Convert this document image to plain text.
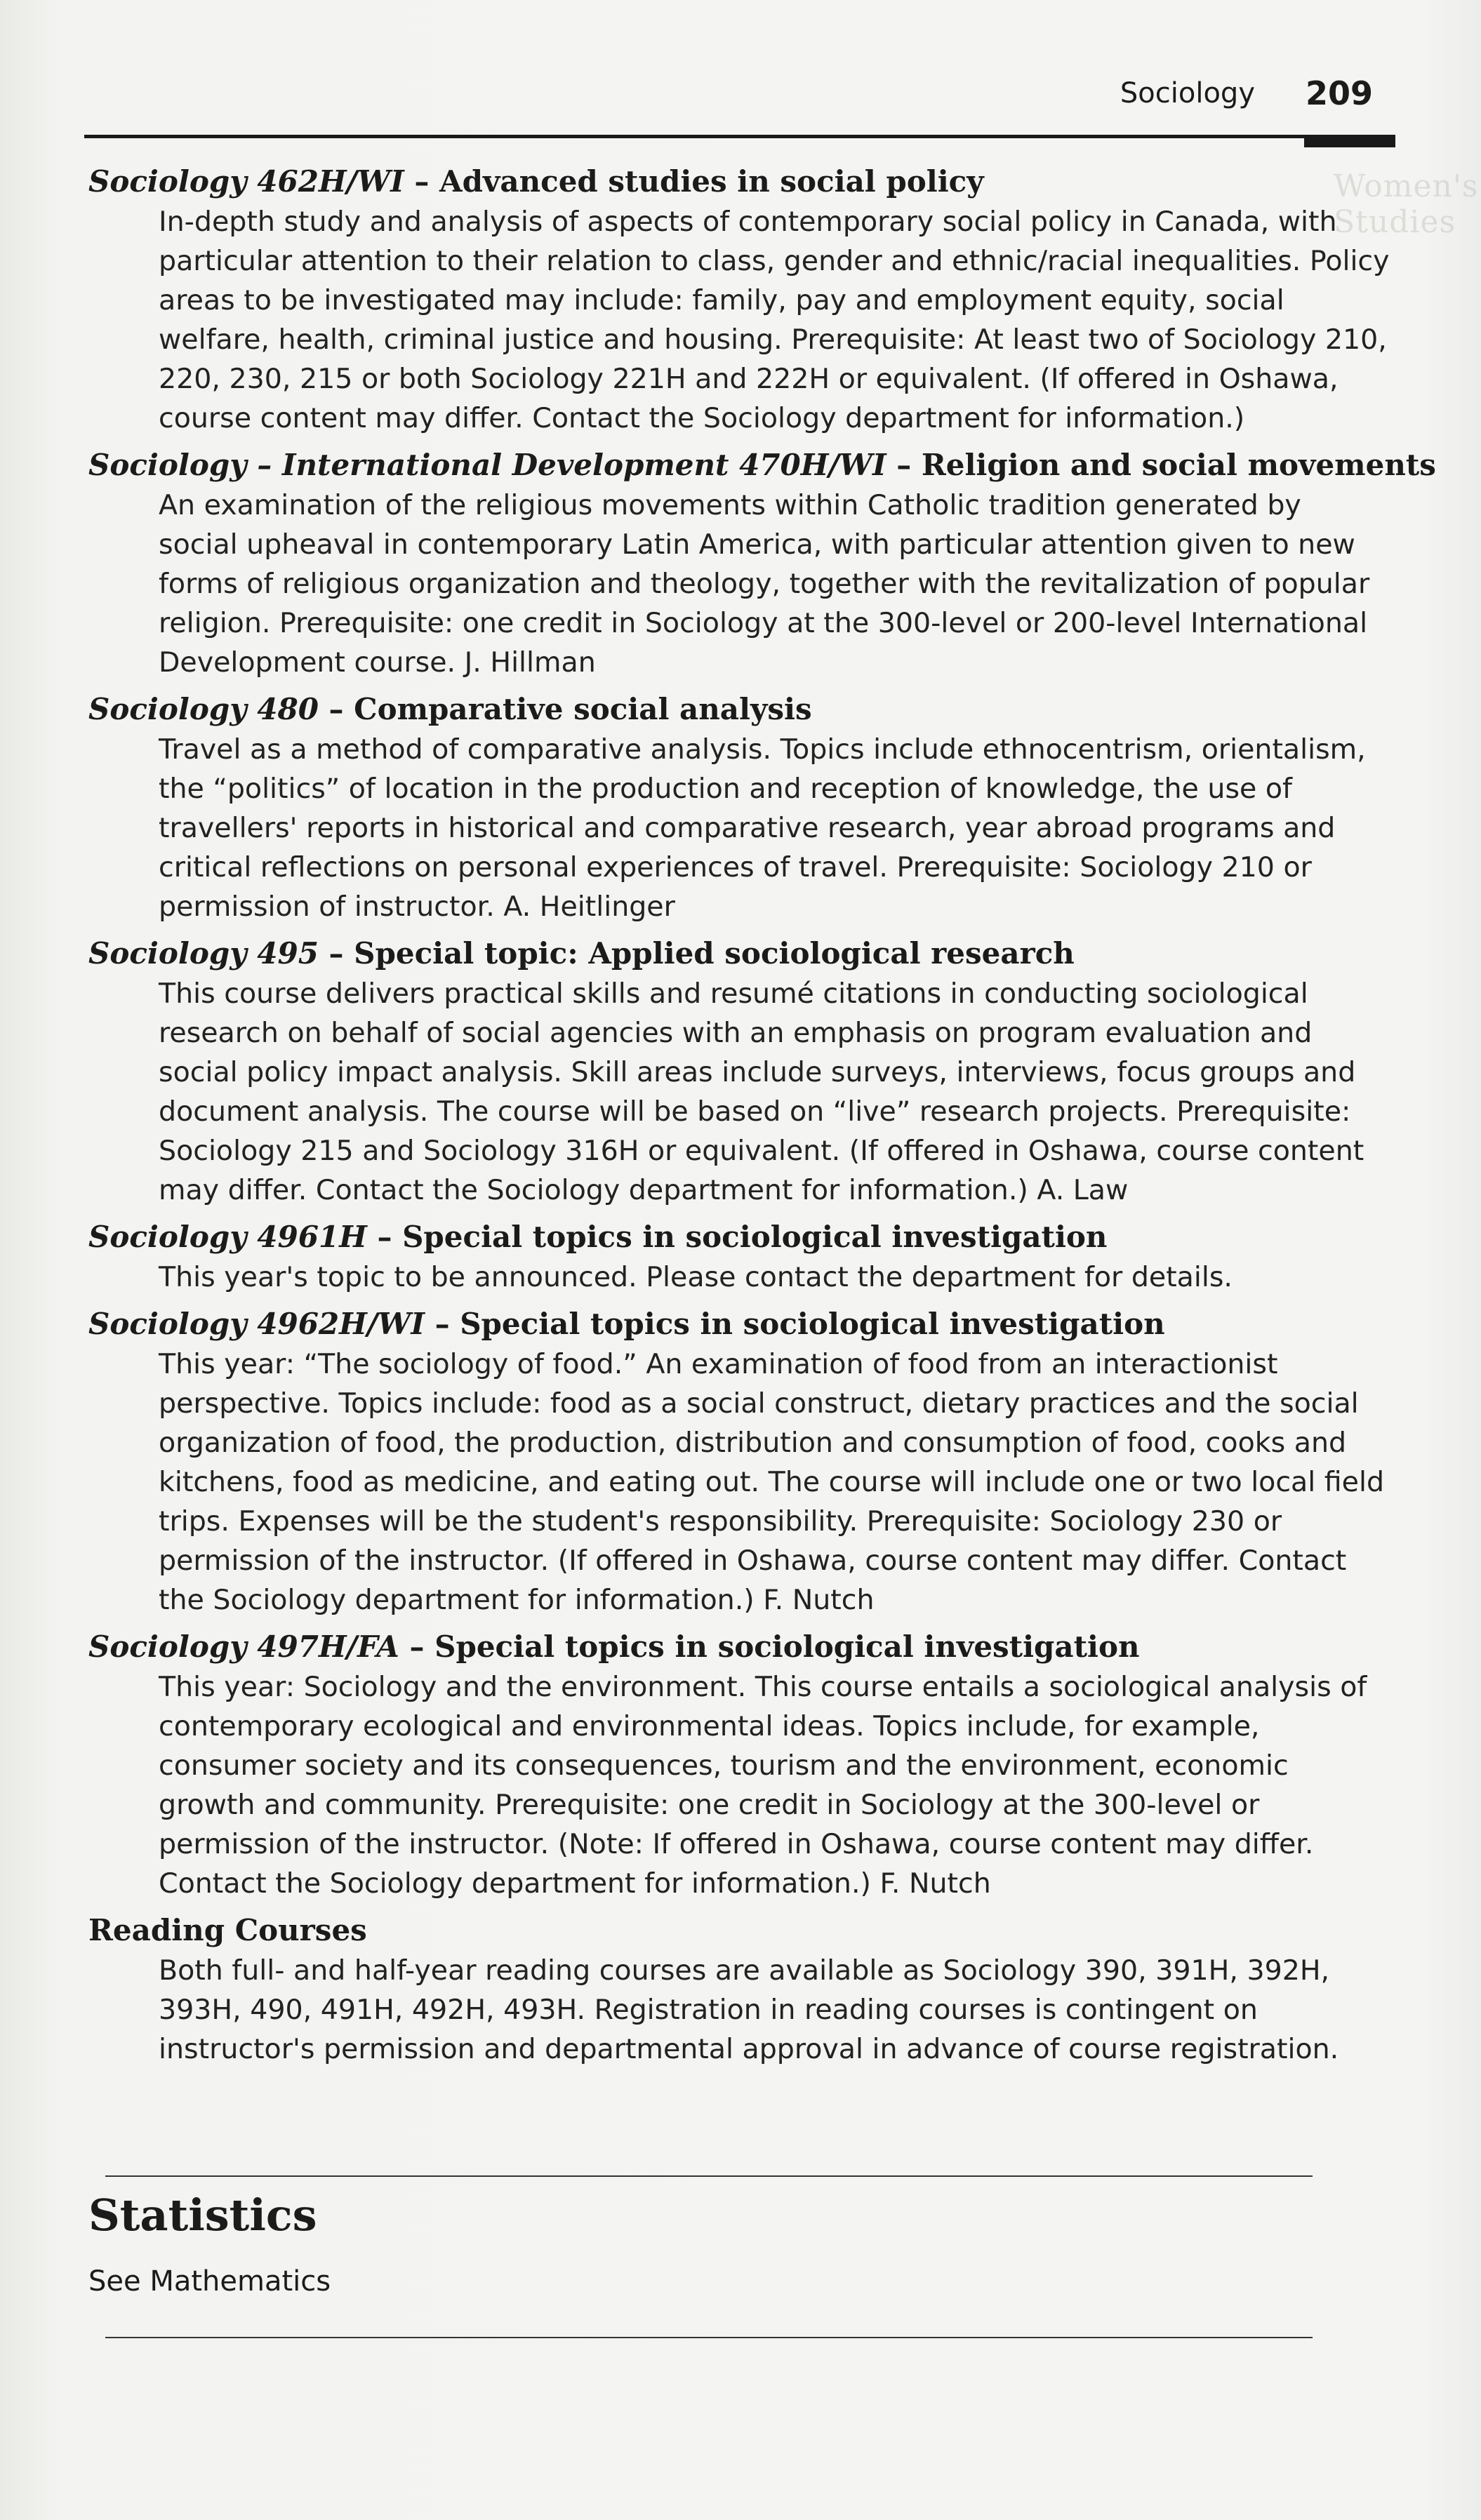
Women's Studies
Sociology 209
Sociology 462H/WI – Advanced studies in social policy
In-depth study and analysis of aspects of contemporary social policy in Canada, with
particular attention to their relation to class, gender and ethnic/racial inequalities. Policy
areas to be investigated may include: family, pay and employment equity, social
welfare, health, criminal justice and housing. Prerequisite: At least two of Sociology 210,
220, 230, 215 or both Sociology 221H and 222H or equivalent. (If offered in Oshawa,
course content may differ. Contact the Sociology department for information.)
Sociology – International Development 470H/WI – Religion and social movements
An examination of the religious movements within Catholic tradition generated by
social upheaval in contemporary Latin America, with particular attention given to new
forms of religious organization and theology, together with the revitalization of popular
religion. Prerequisite: one credit in Sociology at the 300-level or 200-level International
Development course. J. Hillman
Sociology 480 – Comparative social analysis
Travel as a method of comparative analysis. Topics include ethnocentrism, orientalism,
the “politics” of location in the production and reception of knowledge, the use of
travellers' reports in historical and comparative research, year abroad programs and
critical reflections on personal experiences of travel. Prerequisite: Sociology 210 or
permission of instructor. A. Heitlinger
Sociology 495 – Special topic: Applied sociological research
This course delivers practical skills and resumé citations in conducting sociological
research on behalf of social agencies with an emphasis on program evaluation and
social policy impact analysis. Skill areas include surveys, interviews, focus groups and
document analysis. The course will be based on “live” research projects. Prerequisite:
Sociology 215 and Sociology 316H or equivalent. (If offered in Oshawa, course content
may differ. Contact the Sociology department for information.) A. Law
Sociology 4961H – Special topics in sociological investigation
This year's topic to be announced. Please contact the department for details.
Sociology 4962H/WI – Special topics in sociological investigation
This year: “The sociology of food.” An examination of food from an interactionist
perspective. Topics include: food as a social construct, dietary practices and the social
organization of food, the production, distribution and consumption of food, cooks and
kitchens, food as medicine, and eating out. The course will include one or two local field
trips. Expenses will be the student's responsibility. Prerequisite: Sociology 230 or
permission of the instructor. (If offered in Oshawa, course content may differ. Contact
the Sociology department for information.) F. Nutch
Sociology 497H/FA – Special topics in sociological investigation
This year: Sociology and the environment. This course entails a sociological analysis of
contemporary ecological and environmental ideas. Topics include, for example,
consumer society and its consequences, tourism and the environment, economic
growth and community. Prerequisite: one credit in Sociology at the 300-level or
permission of the instructor. (Note: If offered in Oshawa, course content may differ.
Contact the Sociology department for information.) F. Nutch
Reading Courses
Both full- and half-year reading courses are available as Sociology 390, 391H, 392H,
393H, 490, 491H, 492H, 493H. Registration in reading courses is contingent on
instructor's permission and departmental approval in advance of course registration.
Statistics
See Mathematics
